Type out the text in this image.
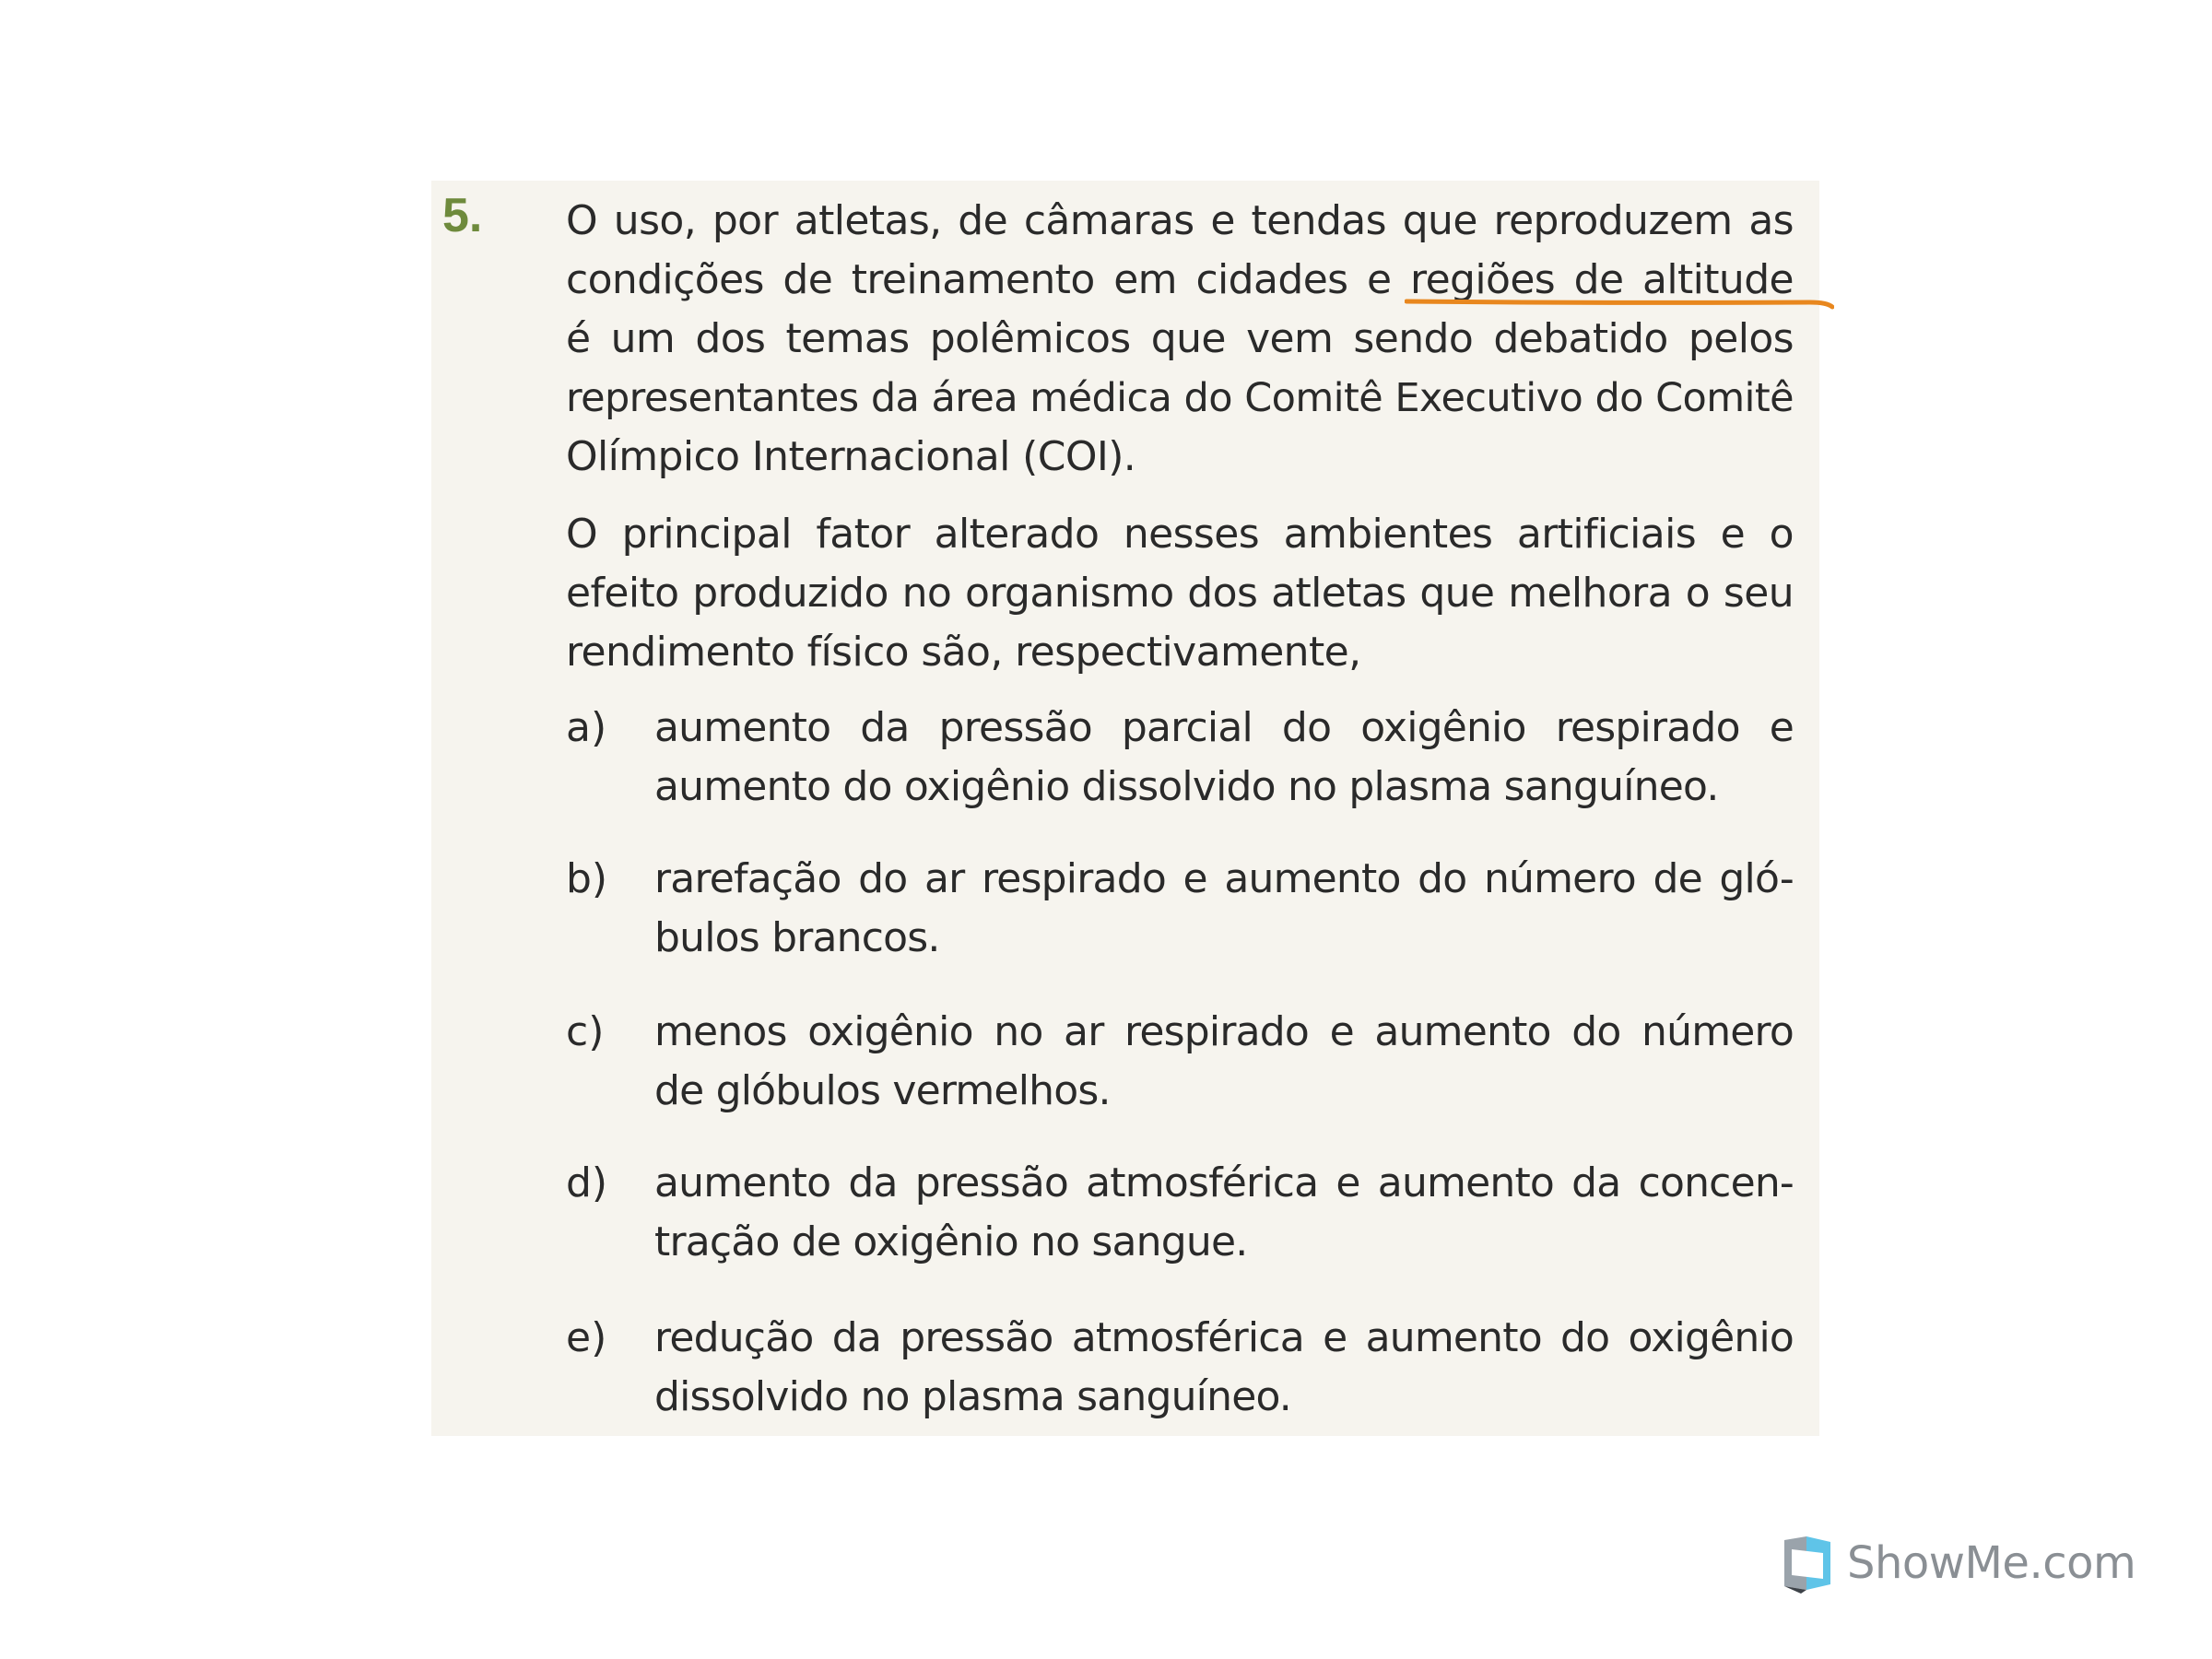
5. O uso, por atletas, de câmaras e tendas que reproduzem as
condições de treinamento em cidades e regiões de altitude
é um dos temas polêmicos que vem sendo debatido pelos
representantes da área médica do Comitê Executivo do Comitê
Olímpico Internacional (COI).
O principal fator alterado nesses ambientes artificiais e o
efeito produzido no organismo dos atletas que melhora o seu
rendimento físico são, respectivamente,
a) aumento da pressão parcial do oxigênio respirado e
aumento do oxigênio dissolvido no plasma sanguíneo.
b) rarefação do ar respirado e aumento do número de gló-
bulos brancos.
c) menos oxigênio no ar respirado e aumento do número
de glóbulos vermelhos.
d) aumento da pressão atmosférica e aumento da concen-
tração de oxigênio no sangue.
e) redução da pressão atmosférica e aumento do oxigênio
dissolvido no plasma sanguíneo.
ShowMe.com
